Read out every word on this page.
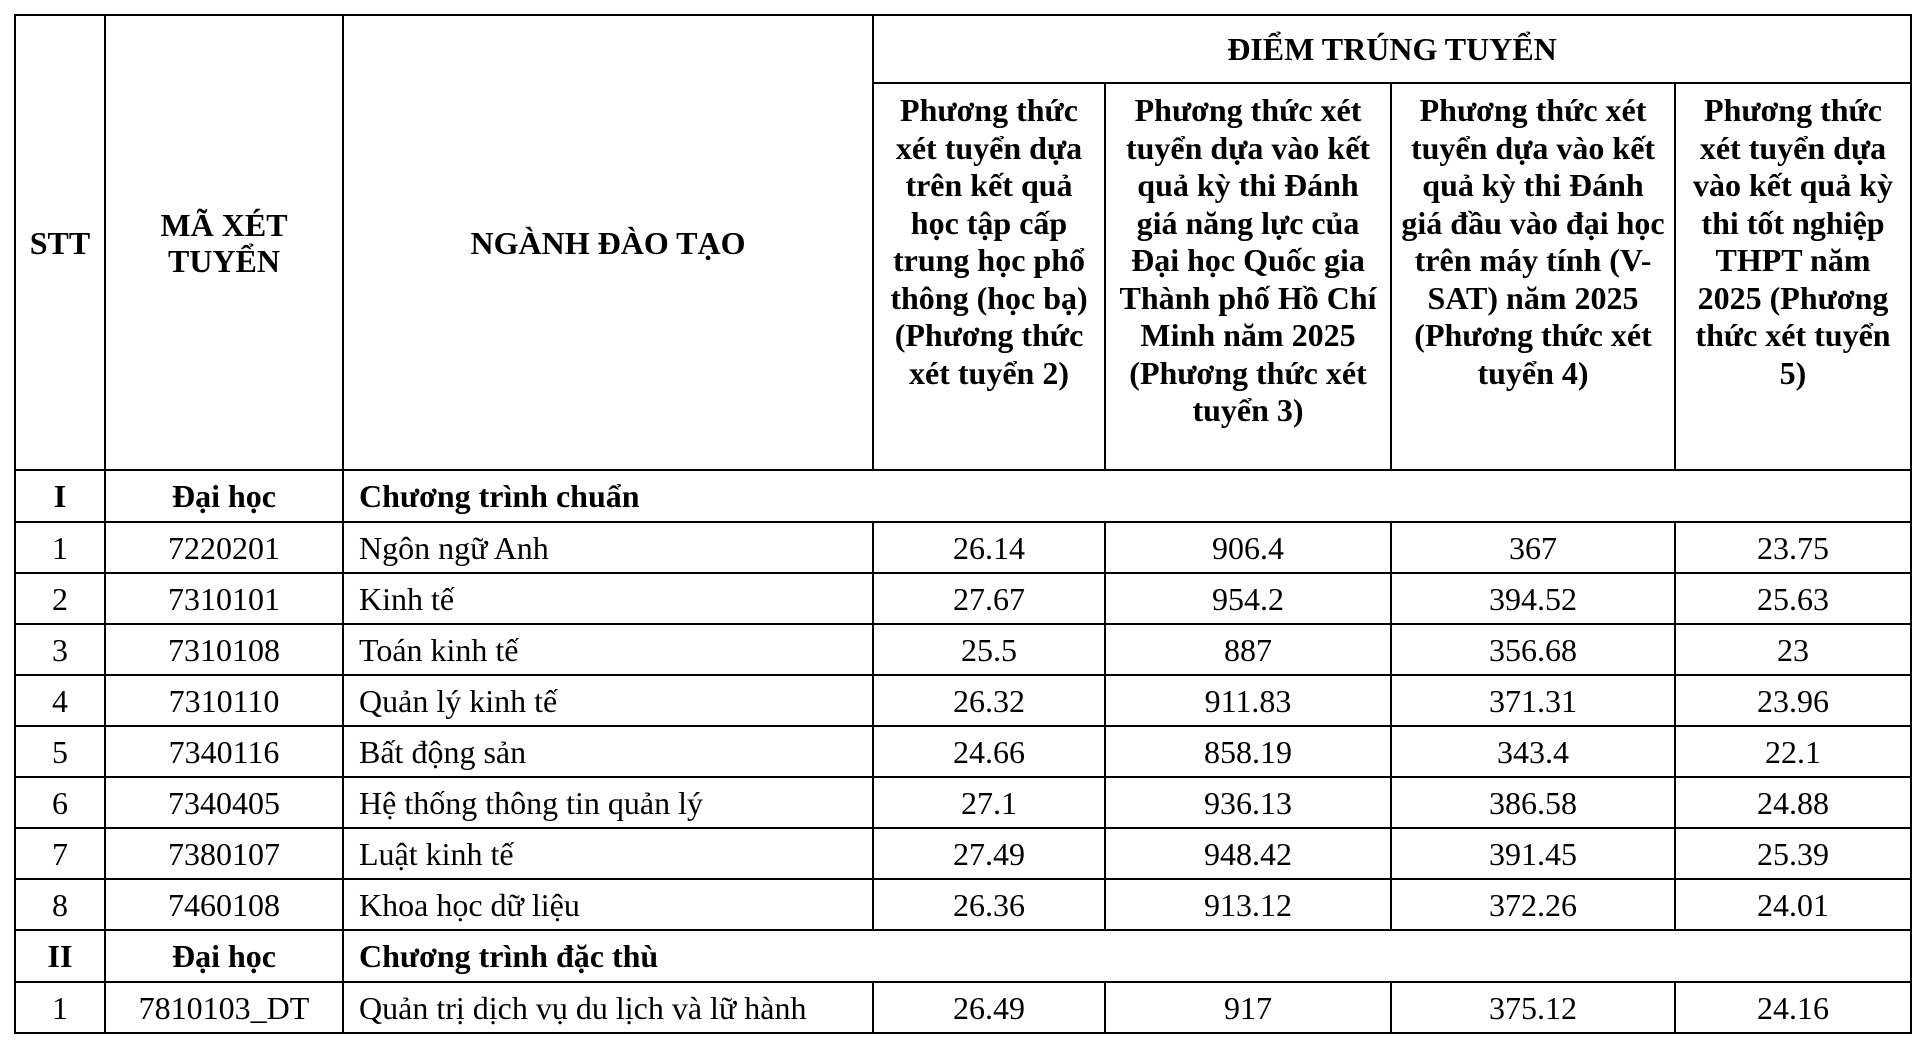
STT	MÃ XÉT TUYỂN	NGÀNH ĐÀO TẠO	ĐIỂM TRÚNG TUYỂN			
			Phương thức xét tuyển dựa trên kết quả học tập cấp trung học phổ thông (học bạ) (Phương thức xét tuyển 2)	Phương thức xét tuyển dựa vào kết quả kỳ thi Đánh giá năng lực của Đại học Quốc gia Thành phố Hồ Chí Minh năm 2025 (Phương thức xét tuyển 3)	Phương thức xét tuyển dựa vào kết quả kỳ thi Đánh giá đầu vào đại học trên máy tính (V-SAT) năm 2025 (Phương thức xét tuyển 4)	Phương thức xét tuyển dựa vào kết quả kỳ thi tốt nghiệp THPT năm 2025 (Phương thức xét tuyển 5)
I	Đại học	Chương trình chuẩn				
1	7220201	Ngôn ngữ Anh	26.14	906.4	367	23.75
2	7310101	Kinh tế	27.67	954.2	394.52	25.63
3	7310108	Toán kinh tế	25.5	887	356.68	23
4	7310110	Quản lý kinh tế	26.32	911.83	371.31	23.96
5	7340116	Bất động sản	24.66	858.19	343.4	22.1
6	7340405	Hệ thống thông tin quản lý	27.1	936.13	386.58	24.88
7	7380107	Luật kinh tế	27.49	948.42	391.45	25.39
8	7460108	Khoa học dữ liệu	26.36	913.12	372.26	24.01
II	Đại học	Chương trình đặc thù				
1	7810103_DT	Quản trị dịch vụ du lịch và lữ hành	26.49	917	375.12	24.16
